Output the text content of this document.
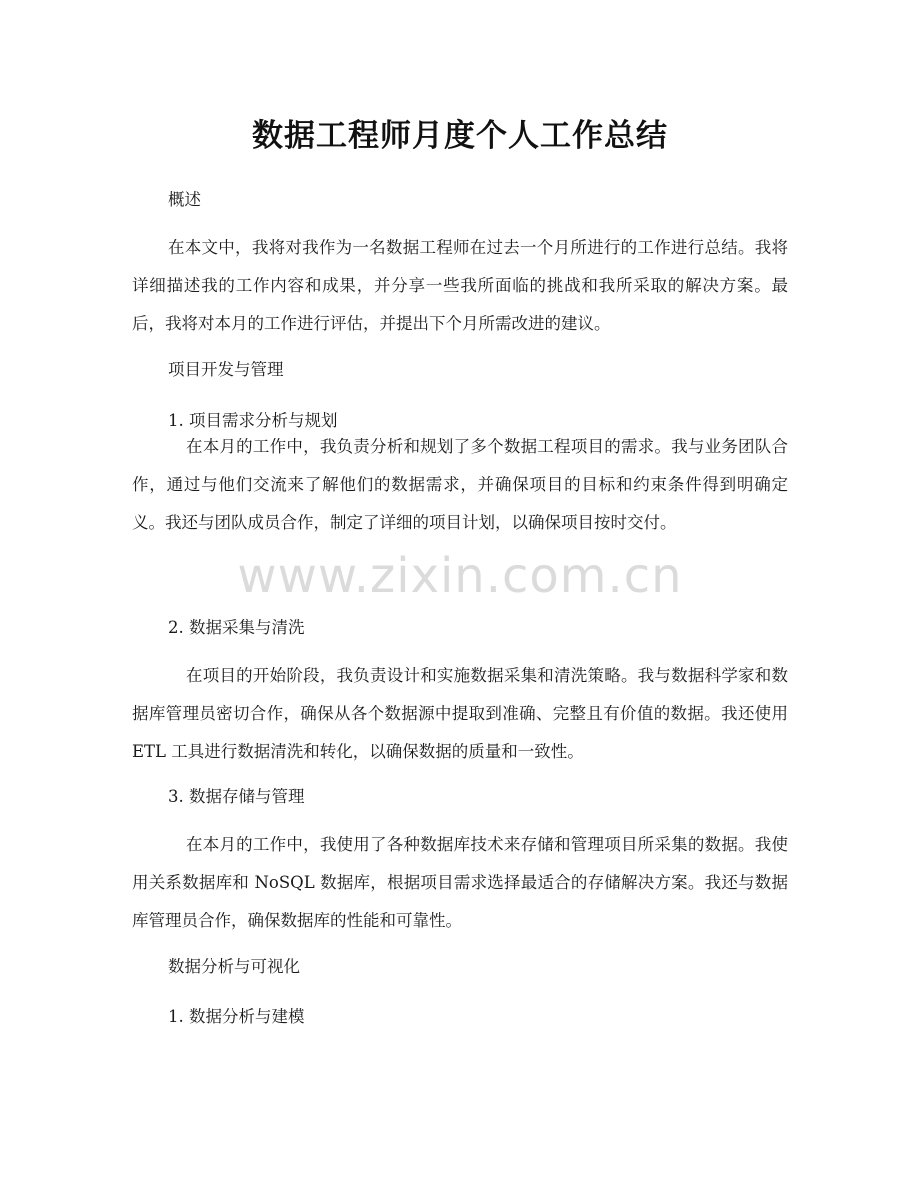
数据工程师月度个人工作总结
概述

在本文中，我将对我作为一名数据工程师在过去一个月所进行的工作进行总结。我将详细描述我的工作内容和成果，并分享一些我所面临的挑战和我所采取的解决方案。最后，我将对本月的工作进行评估，并提出下个月所需改进的建议。

项目开发与管理
1. 项目需求分析与规划

在本月的工作中，我负责分析和规划了多个数据工程项目的需求。我与业务团队合作，通过与他们交流来了解他们的数据需求，并确保项目的目标和约束条件得到明确定义。我还与团队成员合作，制定了详细的项目计划，以确保项目按时交付。

2. 数据采集与清洗

在项目的开始阶段，我负责设计和实施数据采集和清洗策略。我与数据科学家和数据库管理员密切合作，确保从各个数据源中提取到准确、完整且有价值的数据。我还使用 ETL 工具进行数据清洗和转化，以确保数据的质量和一致性。

3. 数据存储与管理

在本月的工作中，我使用了各种数据库技术来存储和管理项目所采集的数据。我使用关系数据库和 NoSQL 数据库，根据项目需求选择最适合的存储解决方案。我还与数据库管理员合作，确保数据库的性能和可靠性。

数据分析与可视化
1. 数据分析与建模
www.zixin.com.cn
